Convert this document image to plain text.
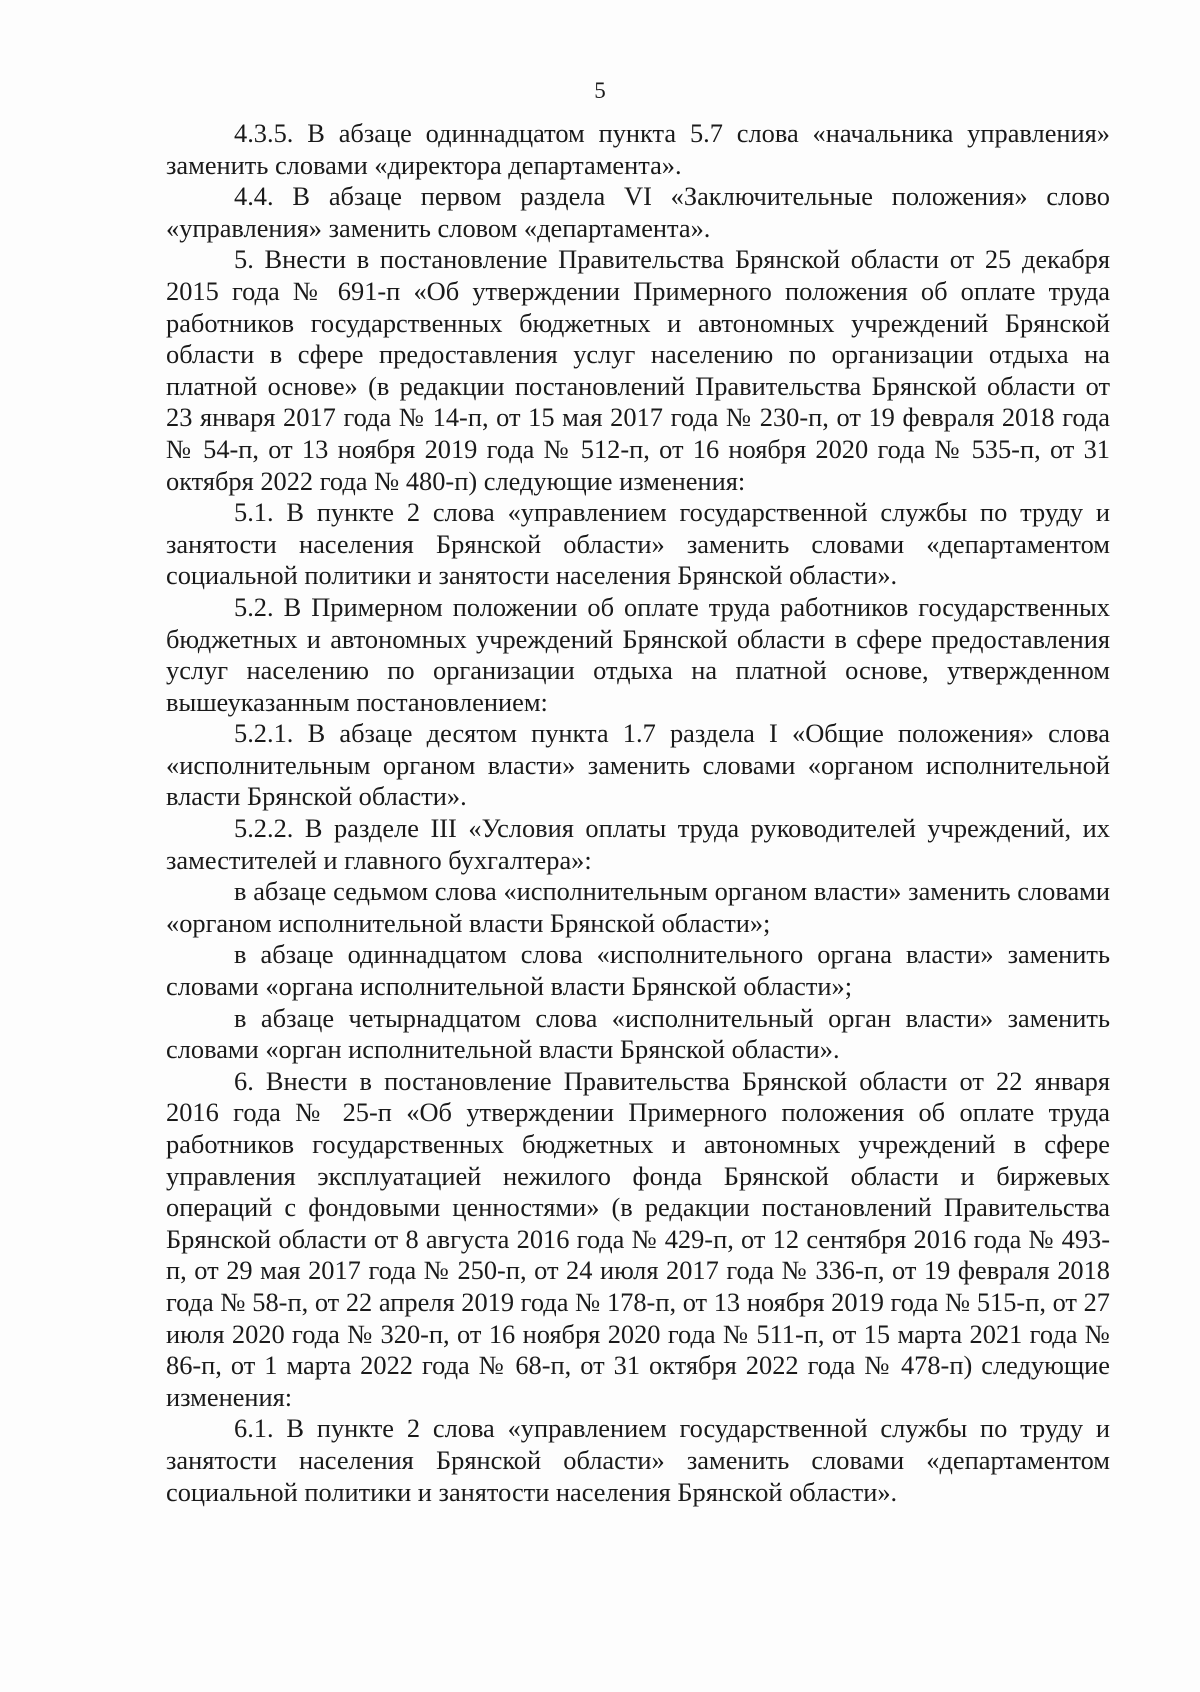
5

4.3.5. В абзаце одиннадцатом пункта 5.7 слова «начальника управления» заменить словами «директора департамента».

4.4. В абзаце первом раздела VI «Заключительные положения» слово «управления» заменить словом «департамента».

5. Внести в постановление Правительства Брянской области от 25 декабря 2015 года № 691-п «Об утверждении Примерного положения об оплате труда работников государственных бюджетных и автономных учреждений Брянской области в сфере предоставления услуг населению по организации отдыха на платной основе» (в редакции постановлений Правительства Брянской области от 23 января 2017 года № 14-п, от 15 мая 2017 года № 230-п, от 19 февраля 2018 года № 54-п, от 13 ноября 2019 года № 512-п, от 16 ноября 2020 года № 535-п, от 31 октября 2022 года № 480-п) следующие изменения:

5.1. В пункте 2 слова «управлением государственной службы по труду и занятости населения Брянской области» заменить словами «департаментом социальной политики и занятости населения Брянской области».

5.2. В Примерном положении об оплате труда работников государственных бюджетных и автономных учреждений Брянской области в сфере предоставления услуг населению по организации отдыха на платной основе, утвержденном вышеуказанным постановлением:

5.2.1. В абзаце десятом пункта 1.7 раздела I «Общие положения» слова «исполнительным органом власти» заменить словами «органом исполнительной власти Брянской области».

5.2.2. В разделе III «Условия оплаты труда руководителей учреждений, их заместителей и главного бухгалтера»:

в абзаце седьмом слова «исполнительным органом власти» заменить словами «органом исполнительной власти Брянской области»;

в абзаце одиннадцатом слова «исполнительного органа власти» заменить словами «органа исполнительной власти Брянской области»;

в абзаце четырнадцатом слова «исполнительный орган власти» заменить словами «орган исполнительной власти Брянской области».

6. Внести в постановление Правительства Брянской области от 22 января 2016 года № 25-п «Об утверждении Примерного положения об оплате труда работников государственных бюджетных и автономных учреждений в сфере управления эксплуатацией нежилого фонда Брянской области и биржевых операций с фондовыми ценностями» (в редакции постановлений Правительства Брянской области от 8 августа 2016 года № 429-п, от 12 сентября 2016 года № 493-п, от 29 мая 2017 года № 250-п, от 24 июля 2017 года № 336-п, от 19 февраля 2018 года № 58-п, от 22 апреля 2019 года № 178-п, от 13 ноября 2019 года № 515-п, от 27 июля 2020 года № 320-п, от 16 ноября 2020 года № 511-п, от 15 марта 2021 года № 86-п, от 1 марта 2022 года № 68-п, от 31 октября 2022 года № 478-п) следующие изменения:

6.1. В пункте 2 слова «управлением государственной службы по труду и занятости населения Брянской области» заменить словами «департаментом социальной политики и занятости населения Брянской области».
